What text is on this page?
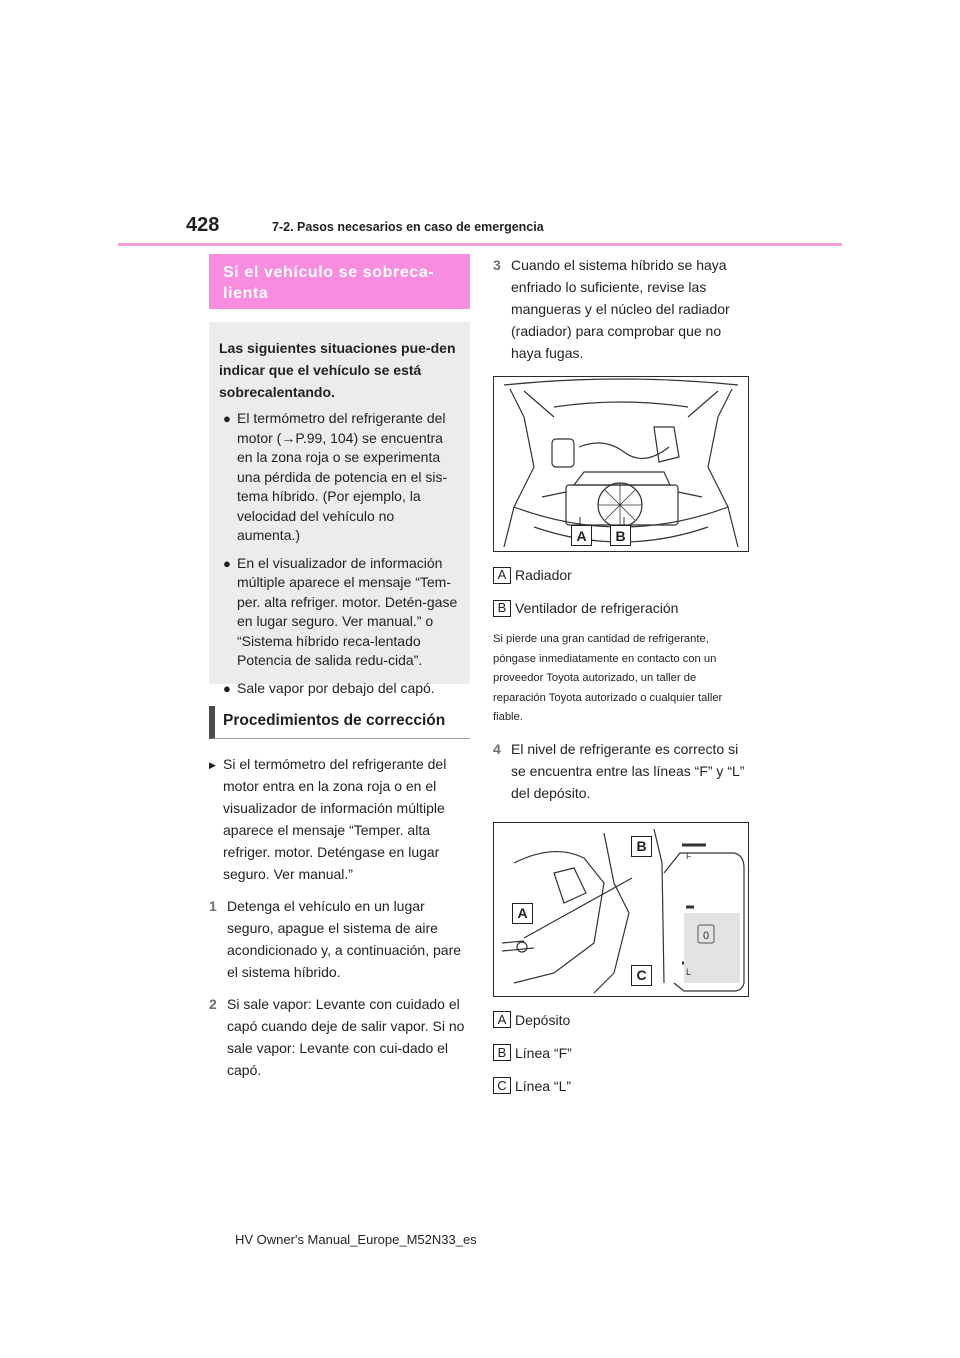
428	7-2. Pasos necesarios en caso de emergencia
Si el vehículo se sobreca-lienta
Las siguientes situaciones pue-den indicar que el vehículo se está sobrecalentando.
● El termómetro del refrigerante del motor (→P.99, 104) se encuentra en la zona roja o se experimenta una pérdida de potencia en el sis-tema híbrido. (Por ejemplo, la velocidad del vehículo no aumenta.)
● En el visualizador de información múltiple aparece el mensaje “Tem-per. alta refriger. motor. Detén-gase en lugar seguro. Ver manual.” o “Sistema híbrido reca-lentado Potencia de salida redu-cida”.
● Sale vapor por debajo del capó.
Procedimientos de corrección
▶ Si el termómetro del refrigerante del motor entra en la zona roja o en el visualizador de información múltiple aparece el mensaje “Temper. alta refriger. motor. Deténgase en lugar seguro. Ver manual.”
1 Detenga el vehículo en un lugar seguro, apague el sistema de aire acondicionado y, a continuación, pare el sistema híbrido.
2 Si sale vapor: Levante con cuidado el capó cuando deje de salir vapor. Si no sale vapor: Levante con cui-dado el capó.
3 Cuando el sistema híbrido se haya enfriado lo suficiente, revise las mangueras y el núcleo del radiador (radiador) para comprobar que no haya fugas.
A	B
A Radiador
B Ventilador de refrigeración
Si pierde una gran cantidad de refrigerante, póngase inmediatamente en contacto con un proveedor Toyota autorizado, un taller de reparación Toyota autorizado o cualquier taller fiable.
4 El nivel de refrigerante es correcto si se encuentra entre las líneas “F” y “L” del depósito.
F
0
L
B
A
C
A Depósito
B Línea “F”
C Línea “L”
HV Owner's Manual_Europe_M52N33_es
